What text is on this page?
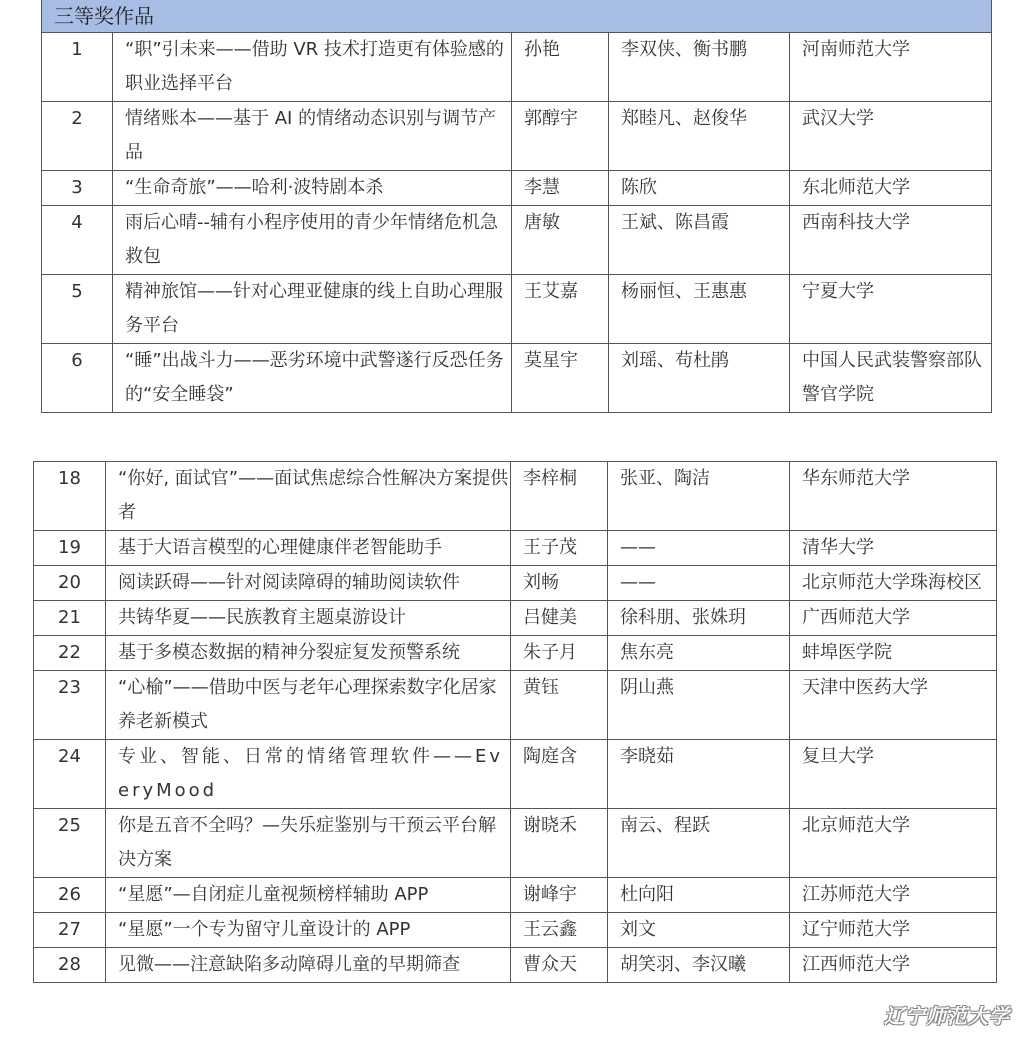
三等奖作品				
1	“职”引未来——借助 VR 技术打造更有体验感的职业选择平台	孙艳	李双侠、衡书鹏	河南师范大学
2	情绪账本——基于 AI 的情绪动态识别与调节产品	郭醇宇	郑睦凡、赵俊华	武汉大学
3	“生命奇旅”——哈利·波特剧本杀	李慧	陈欣	东北师范大学
4	雨后心晴--辅有小程序使用的青少年情绪危机急救包	唐敏	王斌、陈昌霞	西南科技大学
5	精神旅馆——针对心理亚健康的线上自助心理服务平台	王艾嘉	杨丽恒、王惠惠	宁夏大学
6	“睡”出战斗力——恶劣环境中武警遂行反恐任务的“安全睡袋”	莫星宇	刘瑶、苟杜鹃	中国人民武装警察部队警官学院
18	“你好, 面试官”——面试焦虑综合性解决方案提供者	李梓桐	张亚、陶洁	华东师范大学
19	基于大语言模型的心理健康伴老智能助手	王子茂	——	清华大学
20	阅读跃碍——针对阅读障碍的辅助阅读软件	刘畅	——	北京师范大学珠海校区
21	共铸华夏——民族教育主题桌游设计	吕健美	徐科朋、张姝玥	广西师范大学
22	基于多模态数据的精神分裂症复发预警系统	朱子月	焦东亮	蚌埠医学院
23	“心榆”——借助中医与老年心理探索数字化居家养老新模式	黄钰	阴山燕	天津中医药大学
24	专业、智能、日常的情绪管理软件——EveryMood	陶庭含	李晓茹	复旦大学
25	你是五音不全吗？—失乐症鉴别与干预云平台解决方案	谢晓禾	南云、程跃	北京师范大学
26	“星愿”—自闭症儿童视频榜样辅助 APP	谢峰宇	杜向阳	江苏师范大学
27	“星愿”一个专为留守儿童设计的 APP	王云鑫	刘文	辽宁师范大学
28	见微——注意缺陷多动障碍儿童的早期筛查	曹众天	胡笑羽、李汉曦	江西师范大学
辽宁师范大学
